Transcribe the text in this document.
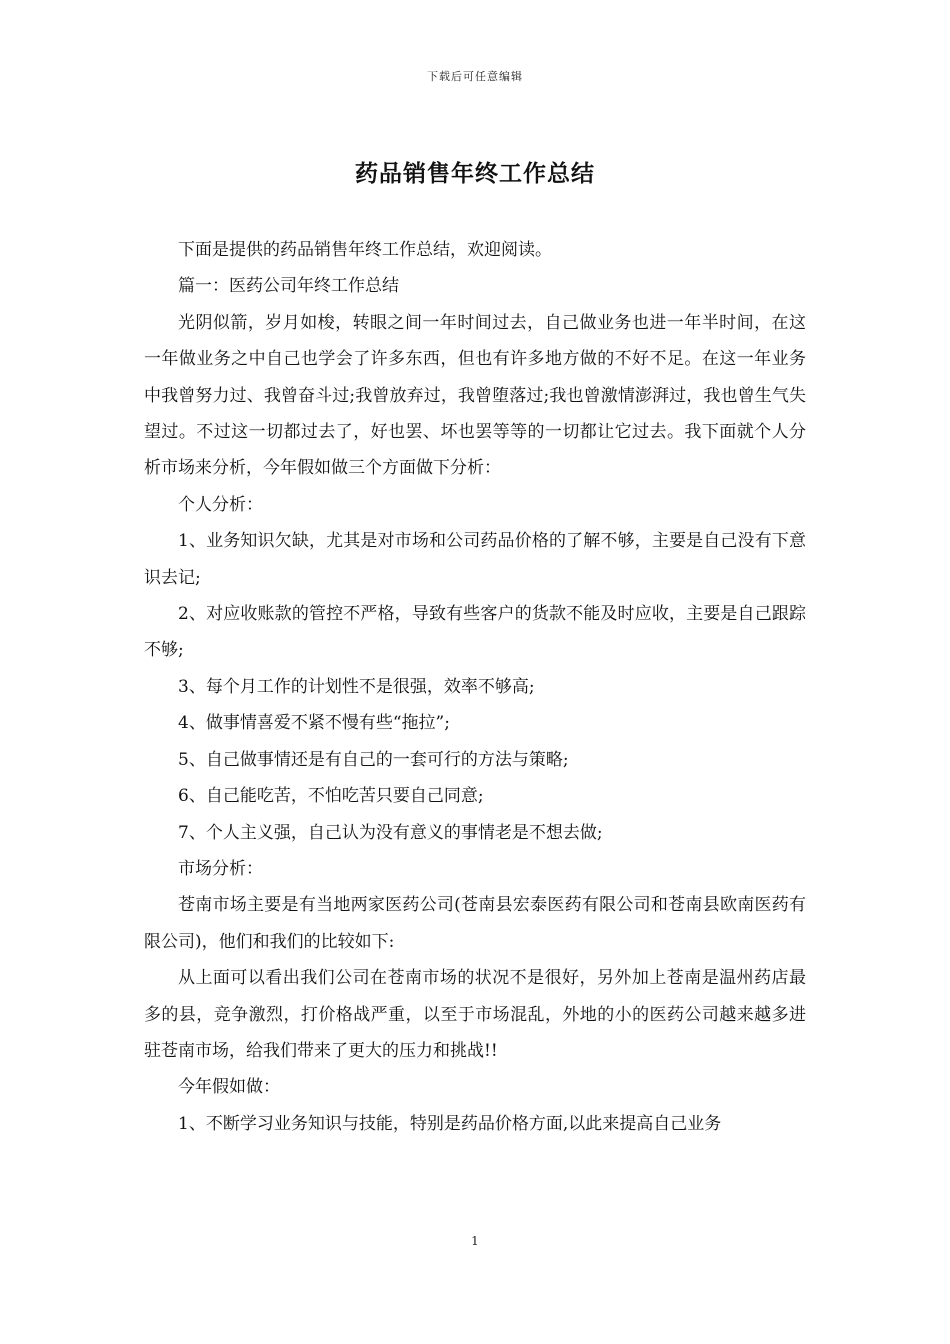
下载后可任意编辑
药品销售年终工作总结

下面是提供的药品销售年终工作总结，欢迎阅读。

篇一：医药公司年终工作总结

光阴似箭，岁月如梭，转眼之间一年时间过去，自己做业务也进一年半时间，在这一年做业务之中自己也学会了许多东西，但也有许多地方做的不好不足。在这一年业务中我曾努力过、我曾奋斗过;我曾放弃过，我曾堕落过;我也曾激情澎湃过，我也曾生气失望过。不过这一切都过去了，好也罢、坏也罢等等的一切都让它过去。我下面就个人分析市场来分析，今年假如做三个方面做下分析：

个人分析：

1、业务知识欠缺，尤其是对市场和公司药品价格的了解不够，主要是自己没有下意识去记;

2、对应收账款的管控不严格，导致有些客户的货款不能及时应收，主要是自己跟踪不够;

3、每个月工作的计划性不是很强，效率不够高;

4、做事情喜爱不紧不慢有些“拖拉”;

5、自己做事情还是有自己的一套可行的方法与策略;

6、自己能吃苦，不怕吃苦只要自己同意;

7、个人主义强，自己认为没有意义的事情老是不想去做;

市场分析：

苍南市场主要是有当地两家医药公司(苍南县宏泰医药有限公司和苍南县欧南医药有限公司)，他们和我们的比较如下:

从上面可以看出我们公司在苍南市场的状况不是很好，另外加上苍南是温州药店最多的县，竞争激烈，打价格战严重，以至于市场混乱，外地的小的医药公司越来越多进驻苍南市场，给我们带来了更大的压力和挑战!!

今年假如做：

1、不断学习业务知识与技能，特别是药品价格方面,以此来提高自己业务

1
